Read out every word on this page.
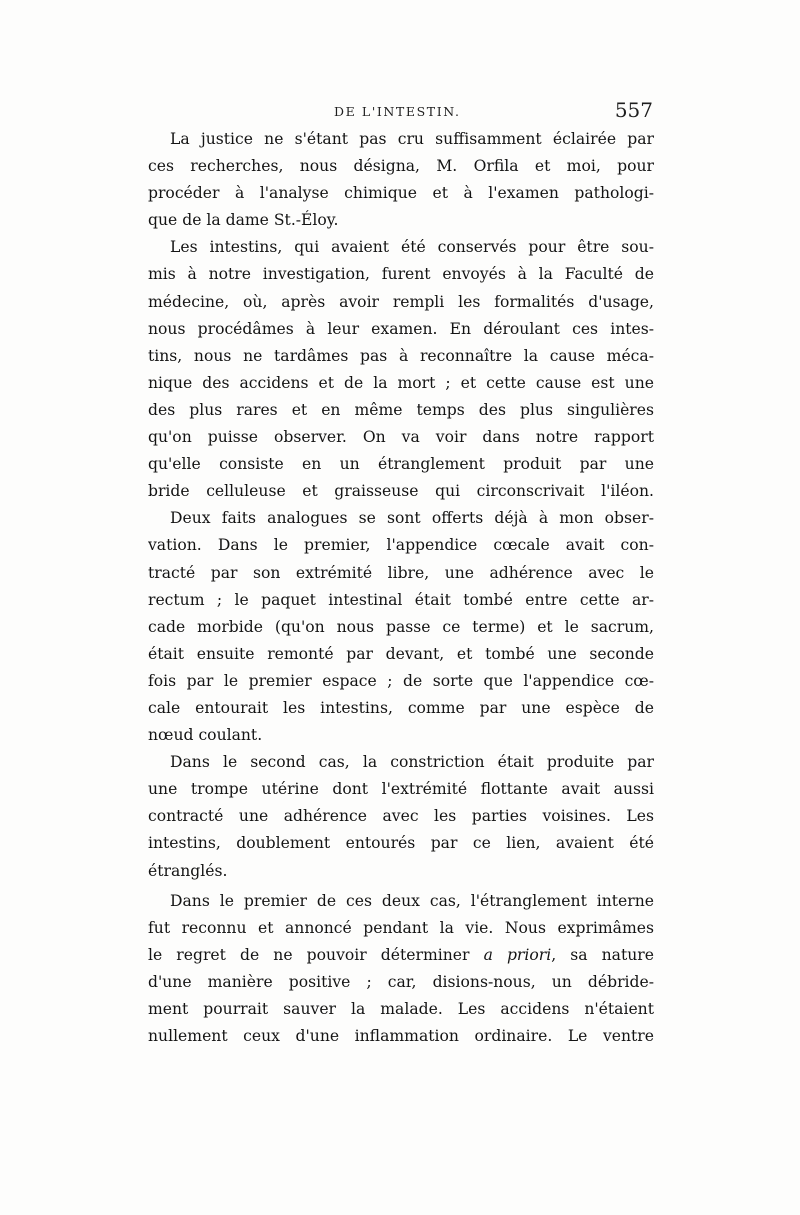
DE L'INTESTIN.	557
La justice ne s'étant pas cru suffisamment éclairée par
ces recherches, nous désigna, M. Orfila et moi, pour
procéder à l'analyse chimique et à l'examen pathologi-
que de la dame St.-Éloy.
Les intestins, qui avaient été conservés pour être sou-
mis à notre investigation, furent envoyés à la Faculté de
médecine, où, après avoir rempli les formalités d'usage,
nous procédâmes à leur examen. En déroulant ces intes-
tins, nous ne tardâmes pas à reconnaître la cause méca-
nique des accidens et de la mort ; et cette cause est une
des plus rares et en même temps des plus singulières
qu'on puisse observer. On va voir dans notre rapport
qu'elle consiste en un étranglement produit par une
bride celluleuse et graisseuse qui circonscrivait l'iléon.
Deux faits analogues se sont offerts déjà à mon obser-
vation. Dans le premier, l'appendice cœcale avait con-
tracté par son extrémité libre, une adhérence avec le
rectum ; le paquet intestinal était tombé entre cette ar-
cade morbide (qu'on nous passe ce terme) et le sacrum,
était ensuite remonté par devant, et tombé une seconde
fois par le premier espace ; de sorte que l'appendice cœ-
cale entourait les intestins, comme par une espèce de
nœud coulant.
Dans le second cas, la constriction était produite par
une trompe utérine dont l'extrémité flottante avait aussi
contracté une adhérence avec les parties voisines. Les
intestins, doublement entourés par ce lien, avaient été
étranglés.
Dans le premier de ces deux cas, l'étranglement interne
fut reconnu et annoncé pendant la vie. Nous exprimâmes
le regret de ne pouvoir déterminer a priori, sa nature
d'une manière positive ; car, disions-nous, un débride-
ment pourrait sauver la malade. Les accidens n'étaient
nullement ceux d'une inflammation ordinaire. Le ventre
